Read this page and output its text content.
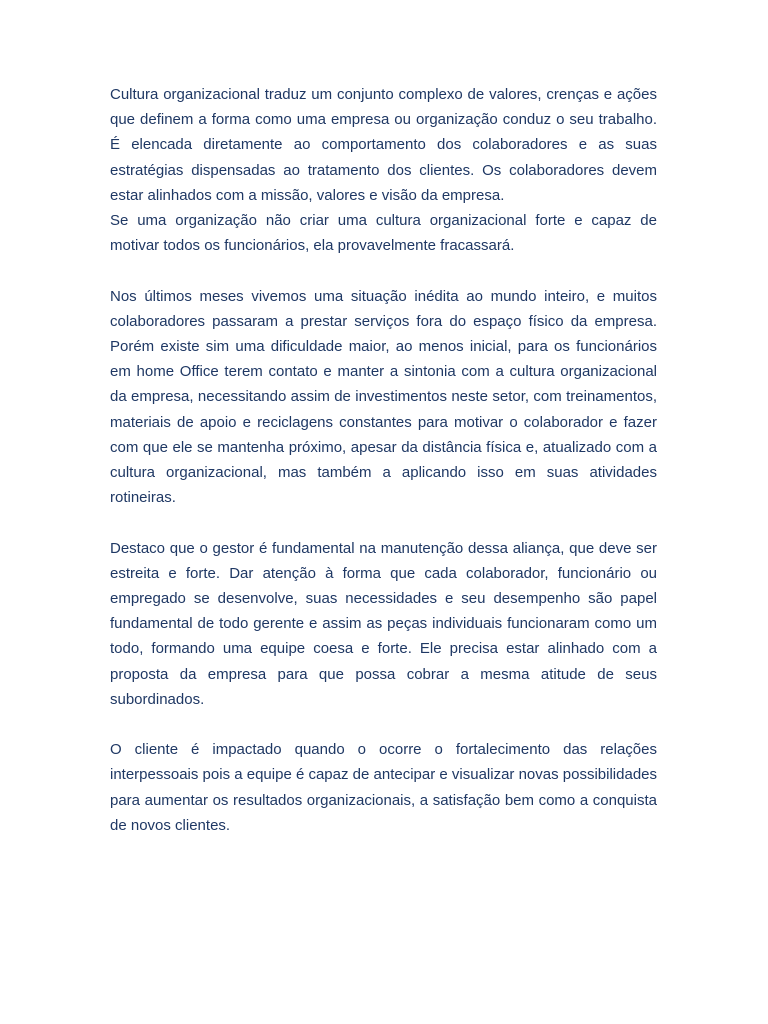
Cultura organizacional traduz um conjunto complexo de valores, crenças e ações que definem a forma como uma empresa ou organização conduz o seu trabalho. É elencada diretamente ao comportamento dos colaboradores e as suas estratégias dispensadas ao tratamento dos clientes. Os colaboradores devem estar alinhados com a missão, valores e visão da empresa.

Se uma organização não criar uma cultura organizacional forte e capaz de motivar todos os funcionários, ela provavelmente fracassará.

Nos últimos meses vivemos uma situação inédita ao mundo inteiro, e muitos colaboradores passaram a prestar serviços fora do espaço físico da empresa. Porém existe sim uma dificuldade maior, ao menos inicial, para os funcionários em home Office terem contato e manter a sintonia com a cultura organizacional da empresa, necessitando assim de investimentos neste setor, com treinamentos, materiais de apoio e reciclagens constantes para motivar o colaborador e fazer com que ele se mantenha próximo, apesar da distância física e, atualizado com a cultura organizacional, mas também a aplicando isso em suas atividades rotineiras.

Destaco que o gestor é fundamental na manutenção dessa aliança, que deve ser estreita e forte. Dar atenção à forma que cada colaborador, funcionário ou empregado se desenvolve, suas necessidades e seu desempenho são papel fundamental de todo gerente e assim as peças individuais funcionaram como um todo, formando uma equipe coesa e forte. Ele precisa estar alinhado com a proposta da empresa para que possa cobrar a mesma atitude de seus subordinados.

O cliente é impactado quando o ocorre o fortalecimento das relações interpessoais pois a equipe é capaz de antecipar e visualizar novas possibilidades para aumentar os resultados organizacionais, a satisfação bem como a conquista de novos clientes.
